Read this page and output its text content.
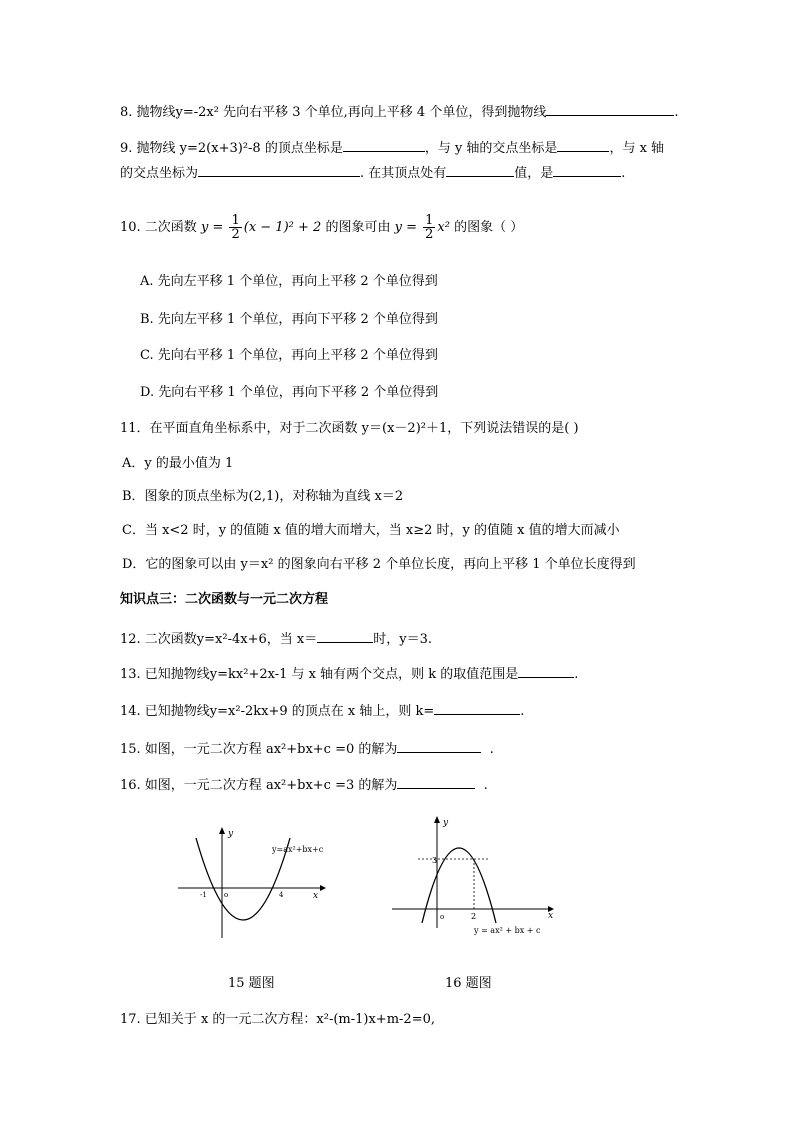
8. 抛物线y=-2x² 先向右平移 3 个单位,再向上平移 4 个单位，得到抛物线	.
9. 抛物线 y=2(x+3)²-8 的顶点坐标是	，与 y 轴的交点坐标是	，与 x 轴
的交点坐标为	. 在其顶点处有	值，是	.
10. 二次函数 $y = \frac{1}{2} (x - 1)^2 + 2$ 的图象可由 $y = \frac{1}{2} x^2$ 的图象（ ）
A. 先向左平移 1 个单位，再向上平移 2 个单位得到
B. 先向左平移 1 个单位，再向下平移 2 个单位得到
C. 先向右平移 1 个单位，再向上平移 2 个单位得到
D. 先向右平移 1 个单位，再向下平移 2 个单位得到
11．在平面直角坐标系中，对于二次函数 y＝(x－2)²＋1，下列说法错误的是( )
A．y 的最小值为 1
B．图象的顶点坐标为(2,1)，对称轴为直线 x＝2
C．当 x<2 时，y 的值随 x 值的增大而增大，当 x≥2 时，y 的值随 x 值的增大而减小
D．它的图象可以由 y＝x² 的图象向右平移 2 个单位长度，再向上平移 1 个单位长度得到
知识点三：二次函数与一元二次方程
12. 二次函数y=x²-4x+6，当 x＝	时，y＝3.
13. 已知抛物线y=kx²+2x-1 与 x 轴有两个交点，则 k 的取值范围是	.
14. 已知抛物线y=x²-2kx+9 的顶点在 x 轴上，则 k=	.
15. 如图，一元二次方程 ax²+bx+c =0 的解为	.
16. 如图，一元二次方程 ax²+bx+c =3 的解为	.
y
x
o
-1	4
y=ax²+bx+c
15 题图
y
x
o
3
2
y = ax² + bx + c
16 题图
17. 已知关于 x 的一元二次方程：x²-(m-1)x+m-2=0,
